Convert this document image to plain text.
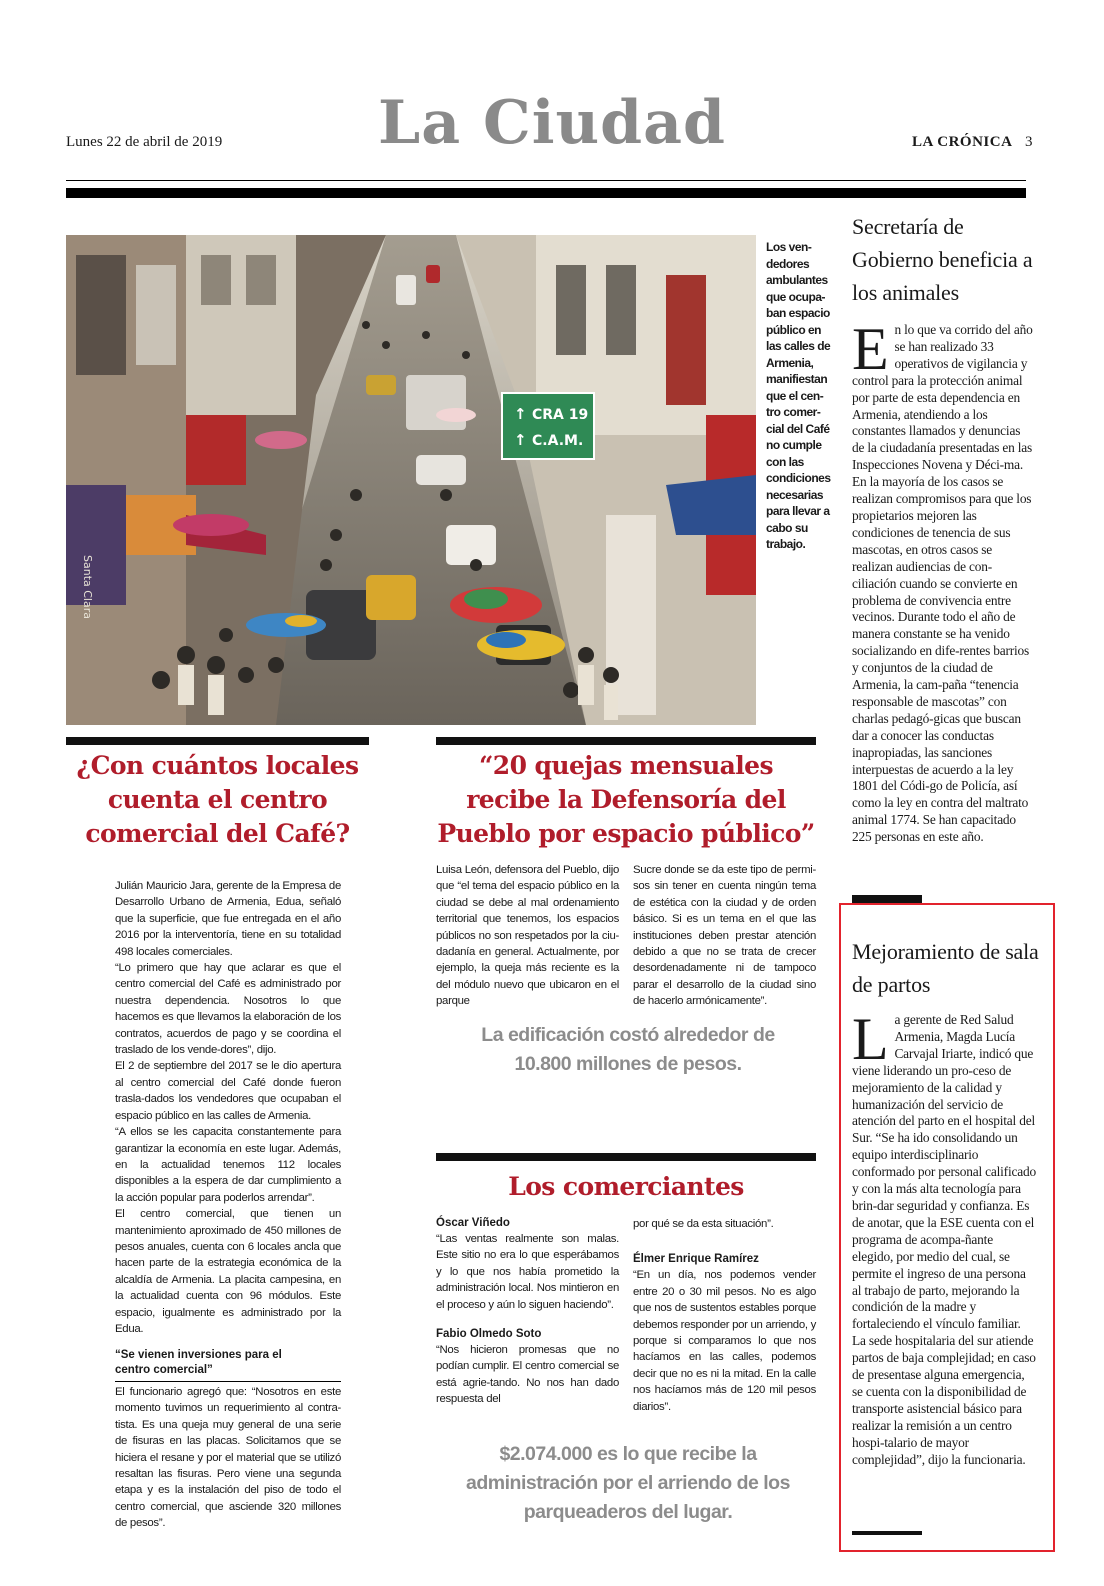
Lunes 22 de abril de 2019	La Ciudad	LA CRÓNICA 3
Santa Clara
↑ CRA 19
↑ C.A.M.
Los ven-dedores ambulantes que ocupa-ban espacio público en las calles de Armenia, manifiestan que el cen-tro comer-cial del Café no cumple con las condiciones necesarias para llevar a cabo su trabajo.
¿Con cuántos locales cuenta el centro comercial del Café?

Julián Mauricio Jara, gerente de la Empresa de Desarrollo Urbano de Armenia, Edua, señaló que la superficie, que fue entregada en el año 2016 por la interventoría, tiene en su totalidad 498 locales comerciales.

“Lo primero que hay que aclarar es que el centro comercial del Café es administrado por nuestra dependencia. Nosotros lo que hacemos es que llevamos la elaboración de los contratos, acuerdos de pago y se coordina el traslado de los vende-dores”, dijo.

El 2 de septiembre del 2017 se le dio apertura al centro comercial del Café donde fueron trasla-dados los vendedores que ocupaban el espacio público en las calles de Armenia.

“A ellos se les capacita constantemente para garantizar la economía en este lugar. Además, en la actualidad tenemos 112 locales disponibles a la espera de dar cumplimiento a la acción popular para poderlos arrendar”.

El centro comercial, que tienen un mantenimiento aproximado de 450 millones de pesos anuales, cuenta con 6 locales ancla que hacen parte de la estrategia económica de la alcaldía de Armenia. La placita campesina, en la actualidad cuenta con 96 módulos. Este espacio, igualmente es administrado por la Edua.

“Se vienen inversiones para el centro comercial”
El funcionario agregó que: “Nosotros en este momento tuvimos un requerimiento al contra-tista. Es una queja muy general de una serie de fisuras en las placas. Solicitamos que se hiciera el resane y por el material que se utilizó resaltan las fisuras. Pero viene una segunda etapa y es la instalación del piso de todo el centro comercial, que asciende 320 millones de pesos”.
“20 quejas mensuales recibe la Defensoría del Pueblo por espacio público”
Luisa León, defensora del Pueblo, dijo que “el tema del espacio público en la ciudad se debe al mal ordenamiento territorial que tenemos, los espacios públicos no son respetados por la ciu-dadanía en general. Actualmente, por ejemplo, la queja más reciente es la del módulo nuevo que ubicaron en el parque
Sucre donde se da este tipo de permi-sos sin tener en cuenta ningún tema de estética con la ciudad y de orden básico. Si es un tema en el que las instituciones deben prestar atención debido a que no se trata de crecer desordenadamente ni de tampoco parar el desarrollo de la ciudad sino de hacerlo armónicamente”.
La edificación costó alrededor de 10.800 millones de pesos.
Los comerciantes
Óscar Viñedo
“Las ventas realmente son malas. Este sitio no era lo que esperábamos y lo que nos había prometido la administración local. Nos mintieron en el proceso y aún lo siguen haciendo”.
Fabio Olmedo Soto
“Nos hicieron promesas que no podían cumplir. El centro comercial se está agrie-tando. No nos han dado respuesta del
por qué se da esta situación”.
Élmer Enrique Ramírez
“En un día, nos podemos vender entre 20 o 30 mil pesos. No es algo que nos de sustentos estables porque debemos responder por un arriendo, y porque si comparamos lo que nos hacíamos en las calles, podemos decir que no es ni la mitad. En la calle nos hacíamos más de 120 mil pesos diarios”.
$2.074.000 es lo que recibe la administración por el arriendo de los parqueaderos del lugar.
Secretaría de Gobierno beneficia a los animales
E n lo que va corrido del año se han realizado 33 operativos de vigilancia y control para la protección animal por parte de esta dependencia en Armenia, atendiendo a los constantes llamados y denuncias de la ciudadanía presentadas en las Inspecciones Novena y Déci-ma. En la mayoría de los casos se realizan compromisos para que los propietarios mejoren las condiciones de tenencia de sus mascotas, en otros casos se realizan audiencias de con-ciliación cuando se convierte en problema de convivencia entre vecinos. Durante todo el año de manera constante se ha venido socializando en dife-rentes barrios y conjuntos de la ciudad de Armenia, la cam-paña “tenencia responsable de mascotas” con charlas pedagó-gicas que buscan dar a conocer las conductas inapropiadas, las sanciones interpuestas de acuerdo a la ley 1801 del Códi-go de Policía, así como la ley en contra del maltrato animal 1774. Se han capacitado 225 personas en este año.
Mejoramiento de sala de partos
L a gerente de Red Salud Armenia, Magda Lucía Carvajal Iriarte, indicó que viene liderando un pro-ceso de mejoramiento de la calidad y humanización del servicio de atención del parto en el hospital del Sur. “Se ha ido consolidando un equipo interdisciplinario conformado por personal calificado y con la más alta tecnología para brin-dar seguridad y confianza. Es de anotar, que la ESE cuenta con el programa de acompa-ñante elegido, por medio del cual, se permite el ingreso de una persona al trabajo de parto, mejorando la condición de la madre y fortaleciendo el vínculo familiar. La sede hospitalaria del sur atiende partos de baja complejidad; en caso de presentase alguna emergencia, se cuenta con la disponibilidad de transporte asistencial básico para realizar la remisión a un centro hospi-talario de mayor complejidad”, dijo la funcionaria.
